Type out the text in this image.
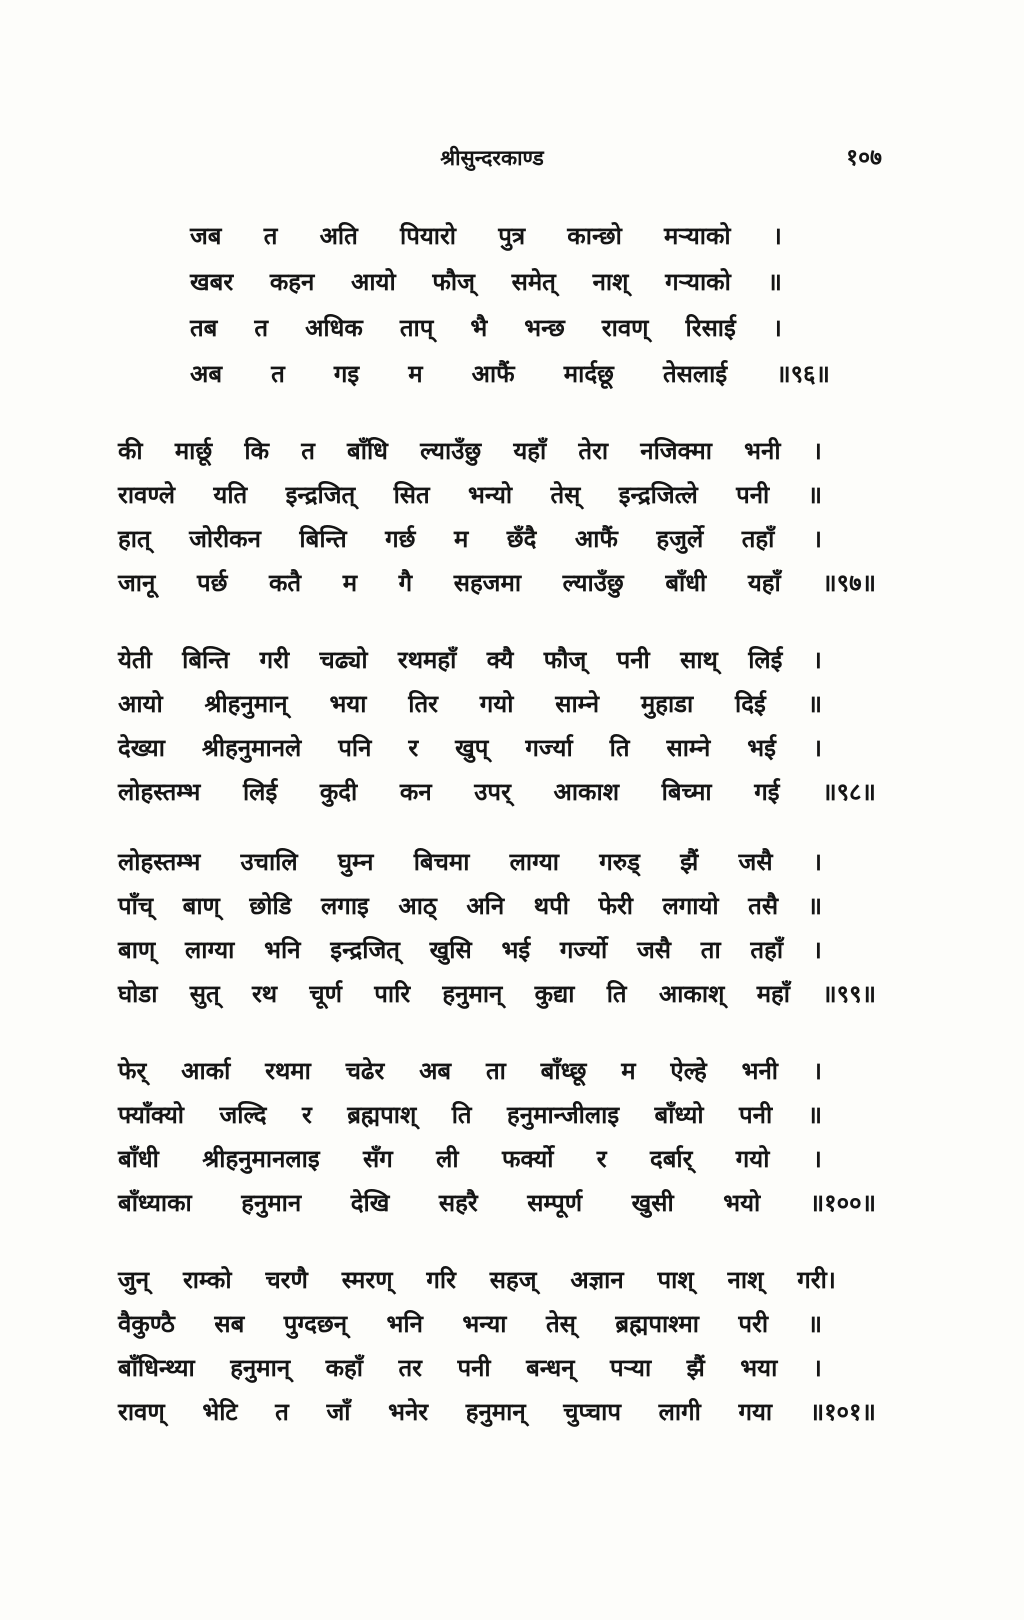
श्रीसुन्दरकाण्ड	१०७
जब त अति पियारो पुत्र कान्छो मऱ्याको ।
खबर कहन आयो फौज् समेत् नाश् गऱ्याको ॥
तब त अधिक ताप् भै भन्छ रावण् रिसाई ।
अब त गइ म आफैं मार्दछू तेसलाई ॥९६॥
की मार्छू कि त बाँधि ल्याउँछु यहाँ तेरा नजिक्मा भनी ।
रावण्ले यति इन्द्रजित् सित भन्यो तेस् इन्द्रजित्ले पनी ॥
हात् जोरीकन बिन्ति गर्छ म छँदै आफैं हजुर्ले तहाँ ।
जानू पर्छ कतै म गै सहजमा ल्याउँछु बाँधी यहाँ ॥९७॥
येती बिन्ति गरी चढ्यो रथमहाँ क्यै फौज् पनी साथ् लिई ।
आयो श्रीहनुमान् भया तिर गयो साम्ने मुहाडा दिई ॥
देख्या श्रीहनुमानले पनि र खुप् गर्ज्या ति साम्ने भई ।
लोहस्तम्भ लिई कुदी कन उपर् आकाश बिच्मा गई ॥९८॥
लोहस्तम्भ उचालि घुम्न बिचमा लाग्या गरुड् झैं जसै ।
पाँच् बाण् छोडि लगाइ आठ् अनि थपी फेरी लगायो तसै ॥
बाण् लाग्या भनि इन्द्रजित् खुसि भई गर्ज्यो जसै ता तहाँ ।
घोडा सुत् रथ चूर्ण पारि हनुमान् कुद्या ति आकाश् महाँ ॥९९॥
फेर् आर्का रथमा चढेर अब ता बाँध्छू म ऐल्हे भनी ।
फ्याँक्यो जल्दि र ब्रह्मपाश् ति हनुमान्जीलाइ बाँध्यो पनी ॥
बाँधी श्रीहनुमानलाइ सँग ली फर्क्यो र दर्बार् गयो ।
बाँध्याका हनुमान देखि सहरै सम्पूर्ण खुसी भयो ॥१००॥
जुन् राम्को चरणै स्मरण् गरि सहज् अज्ञान पाश् नाश् गरी।
वैकुण्ठै सब पुग्दछन् भनि भन्या तेस् ब्रह्मपाश्मा परी ॥
बाँधिन्थ्या हनुमान् कहाँ तर पनी बन्धन् पऱ्या झैं भया ।
रावण् भेटि त जाँ भनेर हनुमान् चुप्चाप लागी गया ॥१०१॥
